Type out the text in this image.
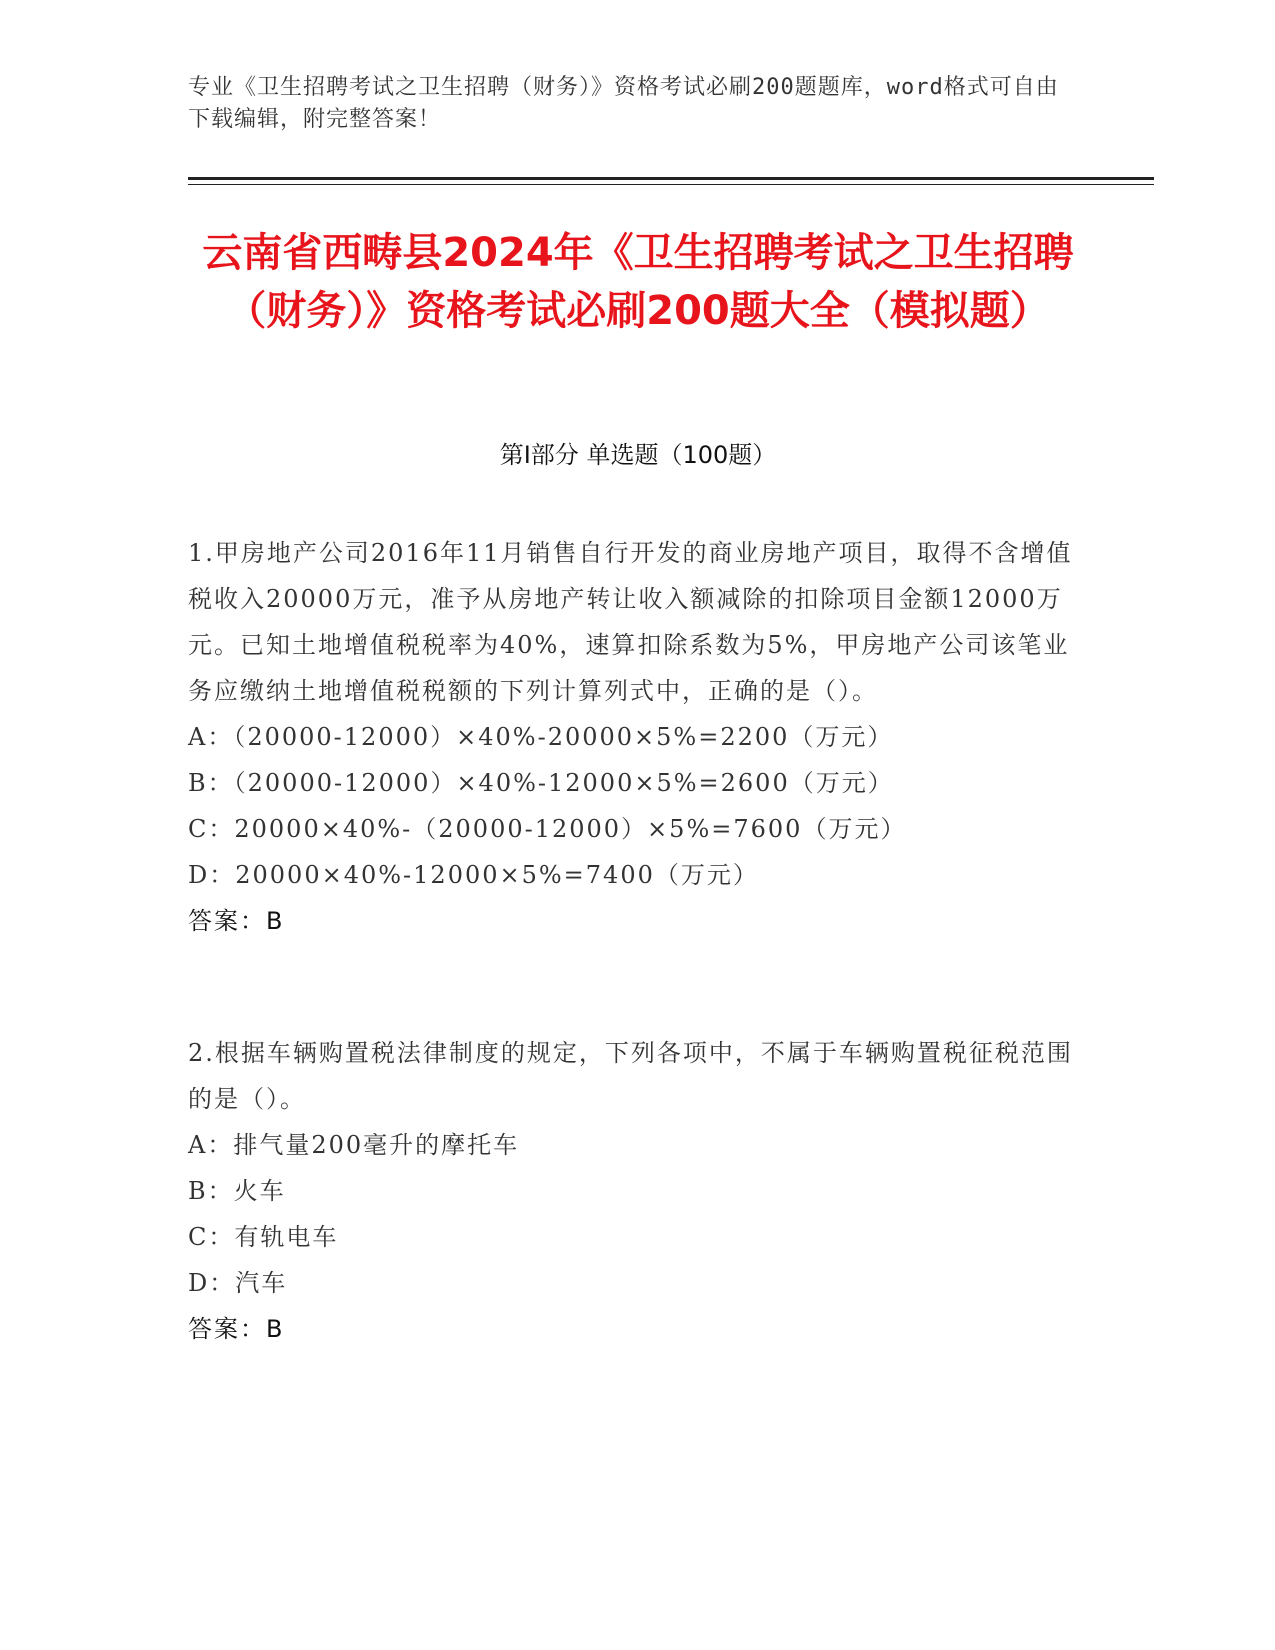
专业《卫生招聘考试之卫生招聘（财务）》资格考试必刷200题题库，word格式可自由下载编辑，附完整答案！
云南省西畴县2024年《卫生招聘考试之卫生招聘（财务）》资格考试必刷200题大全（模拟题）
第I部分 单选题（100题）
1.甲房地产公司2016年11月销售自行开发的商业房地产项目，取得不含增值税收入20000万元，准予从房地产转让收入额减除的扣除项目金额12000万元。已知土地增值税税率为40%，速算扣除系数为5%，甲房地产公司该笔业务应缴纳土地增值税税额的下列计算列式中，正确的是（）。
A：（20000-12000）×40%-20000×5%=2200（万元）
B：（20000-12000）×40%-12000×5%=2600（万元）
C：20000×40%-（20000-12000）×5%=7600（万元）
D：20000×40%-12000×5%=7400（万元）
答案：B
2.根据车辆购置税法律制度的规定，下列各项中，不属于车辆购置税征税范围的是（）。
A：排气量200毫升的摩托车
B：火车
C：有轨电车
D：汽车
答案：B
